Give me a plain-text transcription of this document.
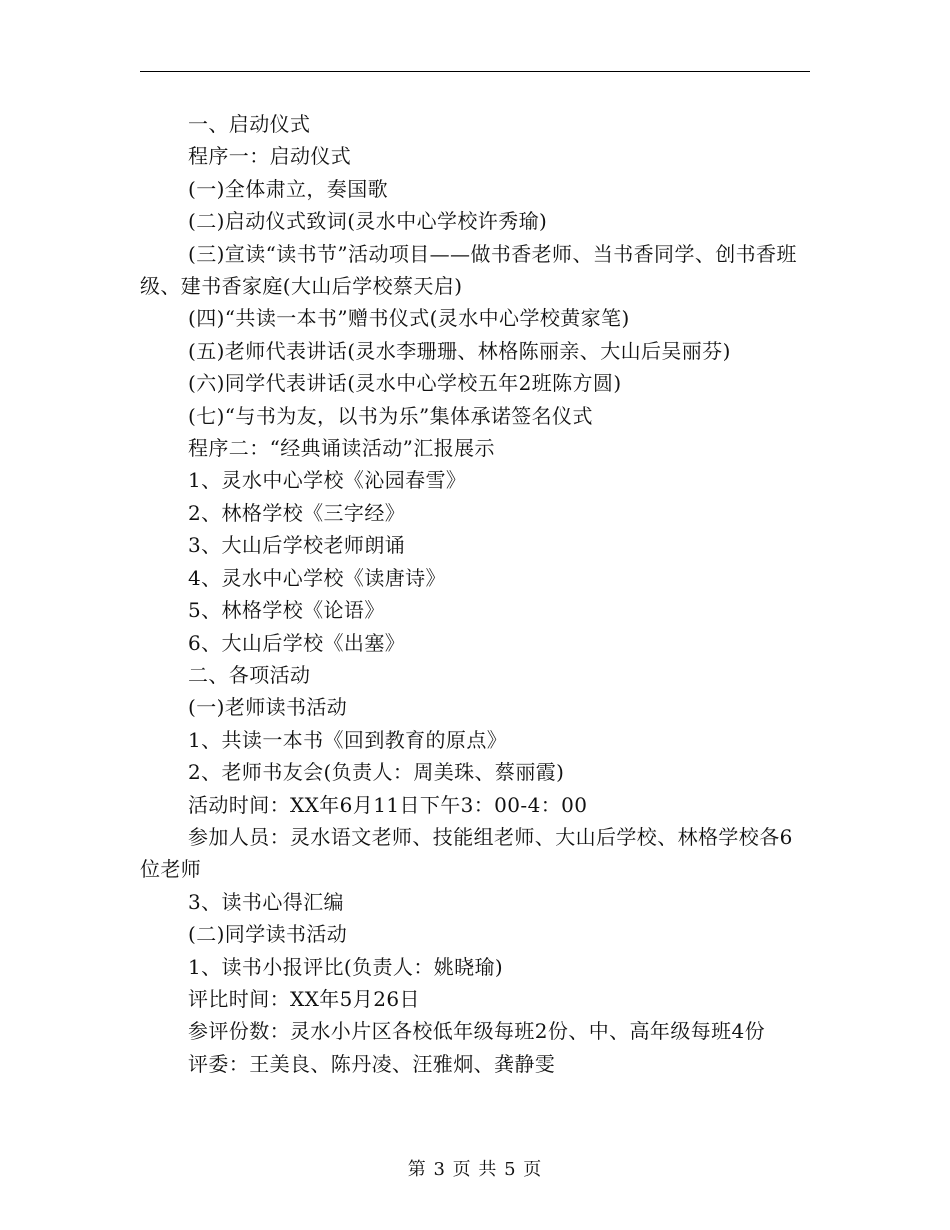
一、启动仪式
程序一：启动仪式
(一)全体肃立，奏国歌
(二)启动仪式致词(灵水中心学校许秀瑜)
(三)宣读“读书节”活动项目——做书香老师、当书香同学、创书香班级、建书香家庭(大山后学校蔡天启)
(四)“共读一本书”赠书仪式(灵水中心学校黄家笔)
(五)老师代表讲话(灵水李珊珊、林格陈丽亲、大山后吴丽芬)
(六)同学代表讲话(灵水中心学校五年2班陈方圆)
(七)“与书为友，以书为乐”集体承诺签名仪式
程序二：“经典诵读活动”汇报展示
1、灵水中心学校《沁园春雪》
2、林格学校《三字经》
3、大山后学校老师朗诵
4、灵水中心学校《读唐诗》
5、林格学校《论语》
6、大山后学校《出塞》
二、各项活动
(一)老师读书活动
1、共读一本书《回到教育的原点》
2、老师书友会(负责人：周美珠、蔡丽霞)
活动时间：XX年6月11日下午3：00-4：00
参加人员：灵水语文老师、技能组老师、大山后学校、林格学校各6位老师
3、读书心得汇编
(二)同学读书活动
1、读书小报评比(负责人：姚晓瑜)
评比时间：XX年5月26日
参评份数：灵水小片区各校低年级每班2份、中、高年级每班4份
评委：王美良、陈丹凌、汪雅炯、龚静雯
第 3 页 共 5 页
